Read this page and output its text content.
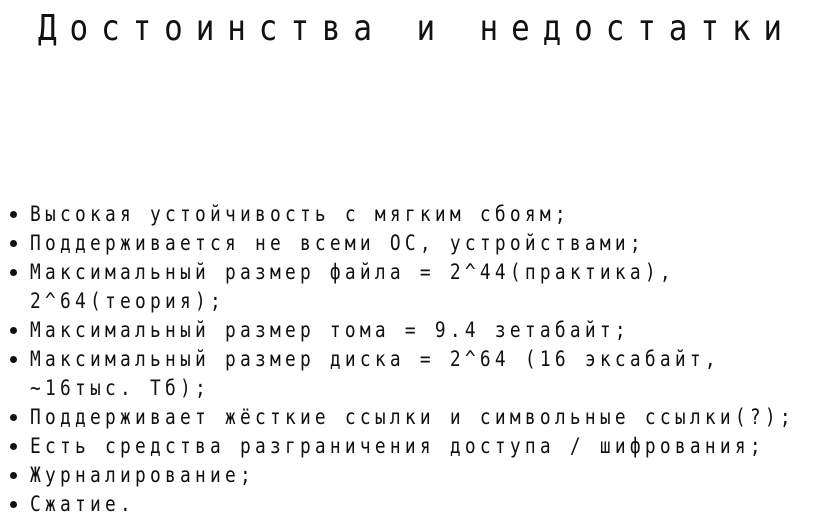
Достоинства и недостатки
Высокая устойчивость с мягким сбоям;
Поддерживается не всеми ОС, устройствами;
Максимальный размер файла = 2^44(практика),
2^64(теория);
Максимальный размер тома = 9.4 зетабайт;
Максимальный размер диска = 2^64 (16 эксабайт,
~16тыс. Тб);
Поддерживает жёсткие ссылки и символьные ссылки(?);
Есть средства разграничения доступа / шифрования;
Журналирование;
Сжатие.
